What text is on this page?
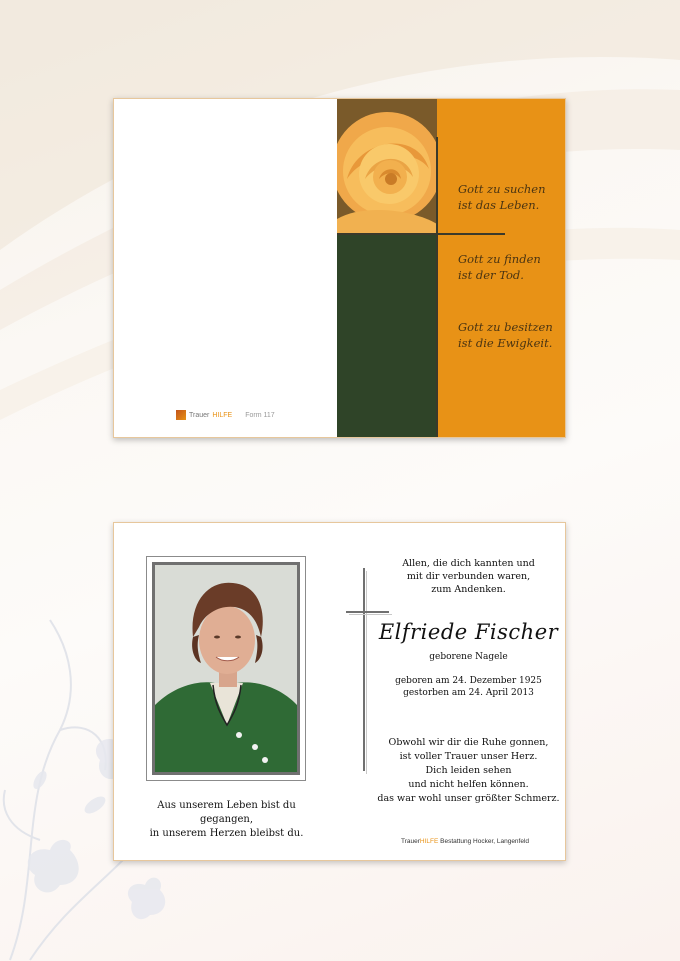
Trauer HILFE Form 117
Gott zu suchen
ist das Leben.
Gott zu finden
ist der Tod.
Gott zu besitzen
ist die Ewigkeit.
Aus unserem Leben bist du gegangen,
in unserem Herzen bleibst du.
Allen, die dich kannten und
mit dir verbunden waren,
zum Andenken.
Elfriede Fischer
geborene Nagele
geboren am 24. Dezember 1925
gestorben am 24. April 2013
Obwohl wir dir die Ruhe gonnen,
ist voller Trauer unser Herz.
Dich leiden sehen
und nicht helfen können.
das war wohl unser größter Schmerz.
TrauerHILFE Bestattung Hocker, Langenfeld
